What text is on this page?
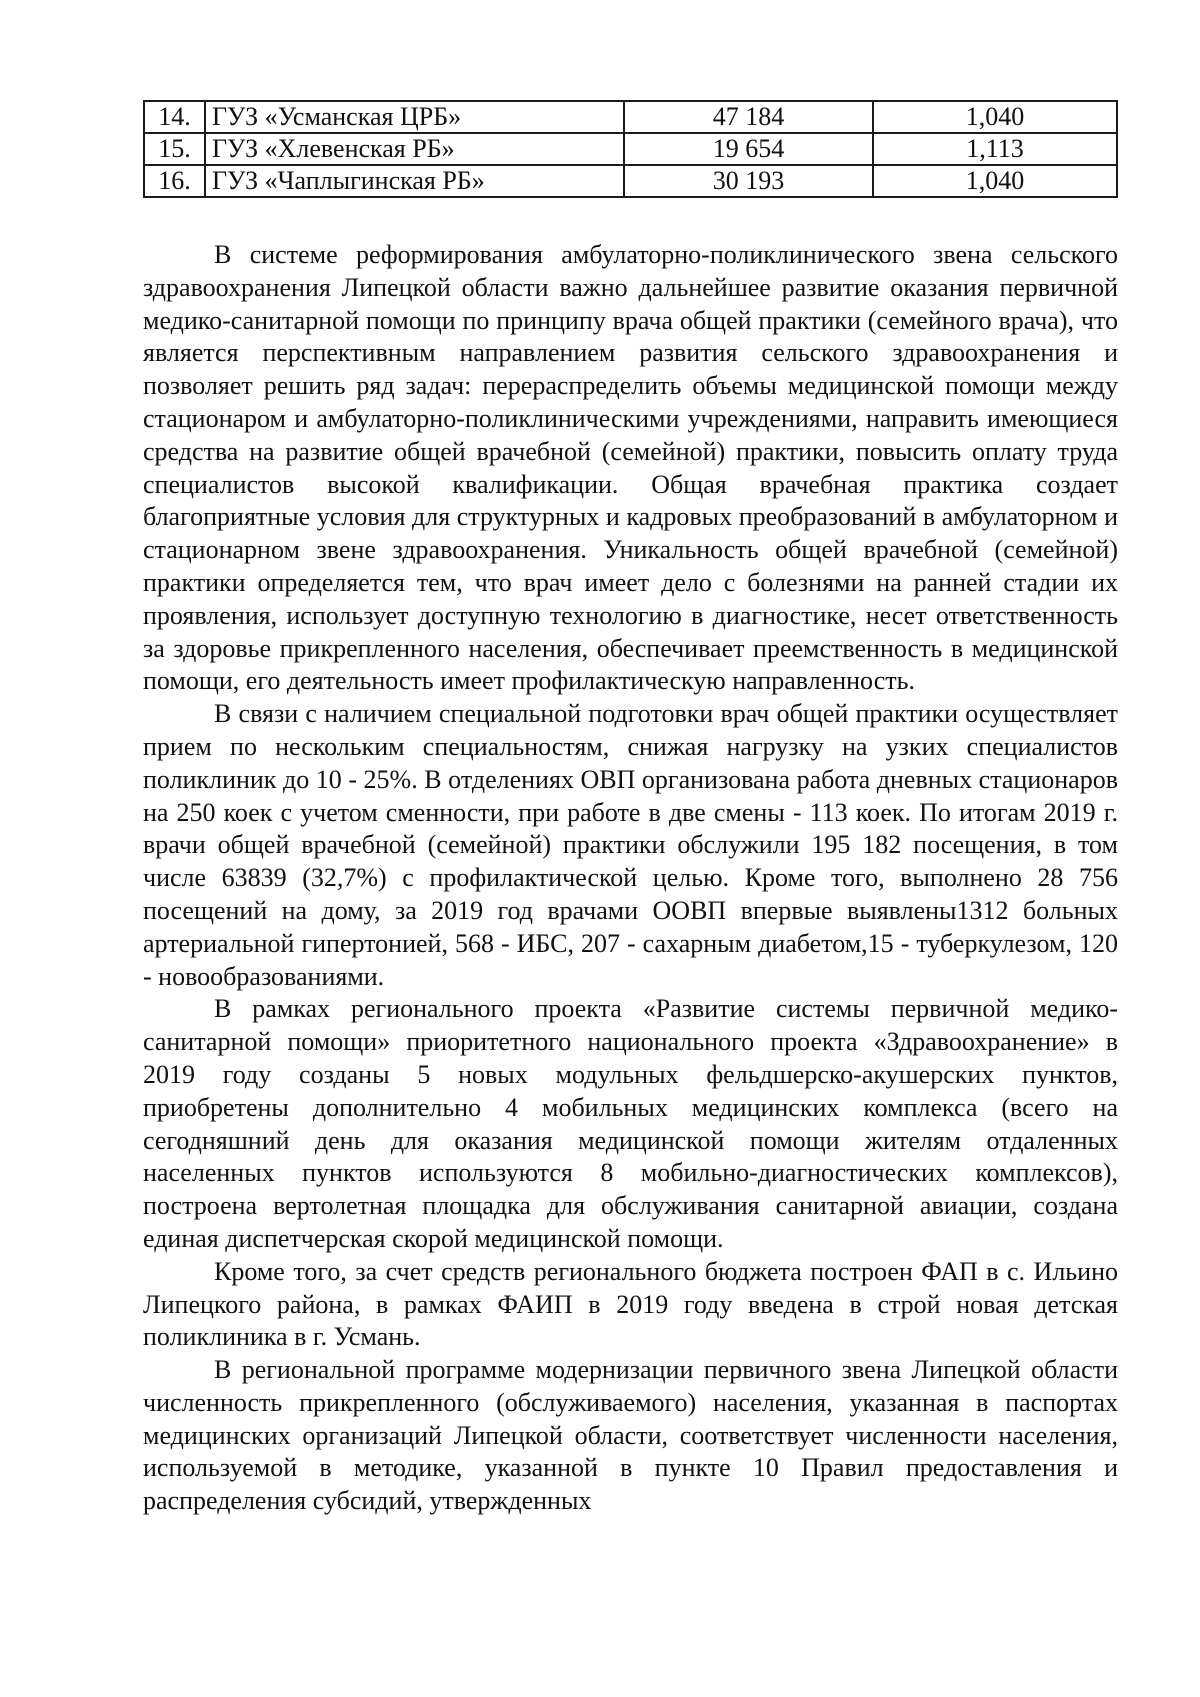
14.	ГУЗ «Усманская ЦРБ»	47 184	1,040
15.	ГУЗ «Хлевенская РБ»	19 654	1,113
16.	ГУЗ «Чаплыгинская РБ»	30 193	1,040

В системе реформирования амбулаторно-поликлинического звена сельского здравоохранения Липецкой области важно дальнейшее развитие оказания первичной медико-санитарной помощи по принципу врача общей практики (семейного врача), что является перспективным направлением развития сельского здравоохранения и позволяет решить ряд задач: перераспределить объемы медицинской помощи между стационаром и амбулаторно-поликлиническими учреждениями, направить имеющиеся средства на развитие общей врачебной (семейной) практики, повысить оплату труда специалистов высокой квалификации. Общая врачебная практика создает благоприятные условия для структурных и кадровых преобразований в амбулаторном и стационарном звене здравоохранения. Уникальность общей врачебной (семейной) практики определяется тем, что врач имеет дело с болезнями на ранней стадии их проявления, использует доступную технологию в диагностике, несет ответственность за здоровье прикрепленного населения, обеспечивает преемственность в медицинской помощи, его деятельность имеет профилактическую направленность.

В связи с наличием специальной подготовки врач общей практики осуществляет прием по нескольким специальностям, снижая нагрузку на узких специалистов поликлиник до 10 - 25%. В отделениях ОВП организована работа дневных стационаров на 250 коек с учетом сменности, при работе в две смены - 113 коек. По итогам 2019 г. врачи общей врачебной (семейной) практики обслужили 195 182 посещения, в том числе 63839 (32,7%) с профилактической целью. Кроме того, выполнено 28 756 посещений на дому, за 2019 год врачами ООВП впервые выявлены1312 больных артериальной гипертонией, 568 - ИБС, 207 - сахарным диабетом,15 - туберкулезом, 120 - новообразованиями.

В рамках регионального проекта «Развитие системы первичной медико-санитарной помощи» приоритетного национального проекта «Здравоохранение» в 2019 году созданы 5 новых модульных фельдшерско-акушерских пунктов, приобретены дополнительно 4 мобильных медицинских комплекса (всего на сегодняшний день для оказания медицинской помощи жителям отдаленных населенных пунктов используются 8 мобильно-диагностических комплексов), построена вертолетная площадка для обслуживания санитарной авиации, создана единая диспетчерская скорой медицинской помощи.

Кроме того, за счет средств регионального бюджета построен ФАП в с. Ильино Липецкого района, в рамках ФАИП в 2019 году введена в строй новая детская поликлиника в г. Усмань.

В региональной программе модернизации первичного звена Липецкой области численность прикрепленного (обслуживаемого) населения, указанная в паспортах медицинских организаций Липецкой области, соответствует численности населения, используемой в методике, указанной в пункте 10 Правил предоставления и распределения субсидий, утвержденных
